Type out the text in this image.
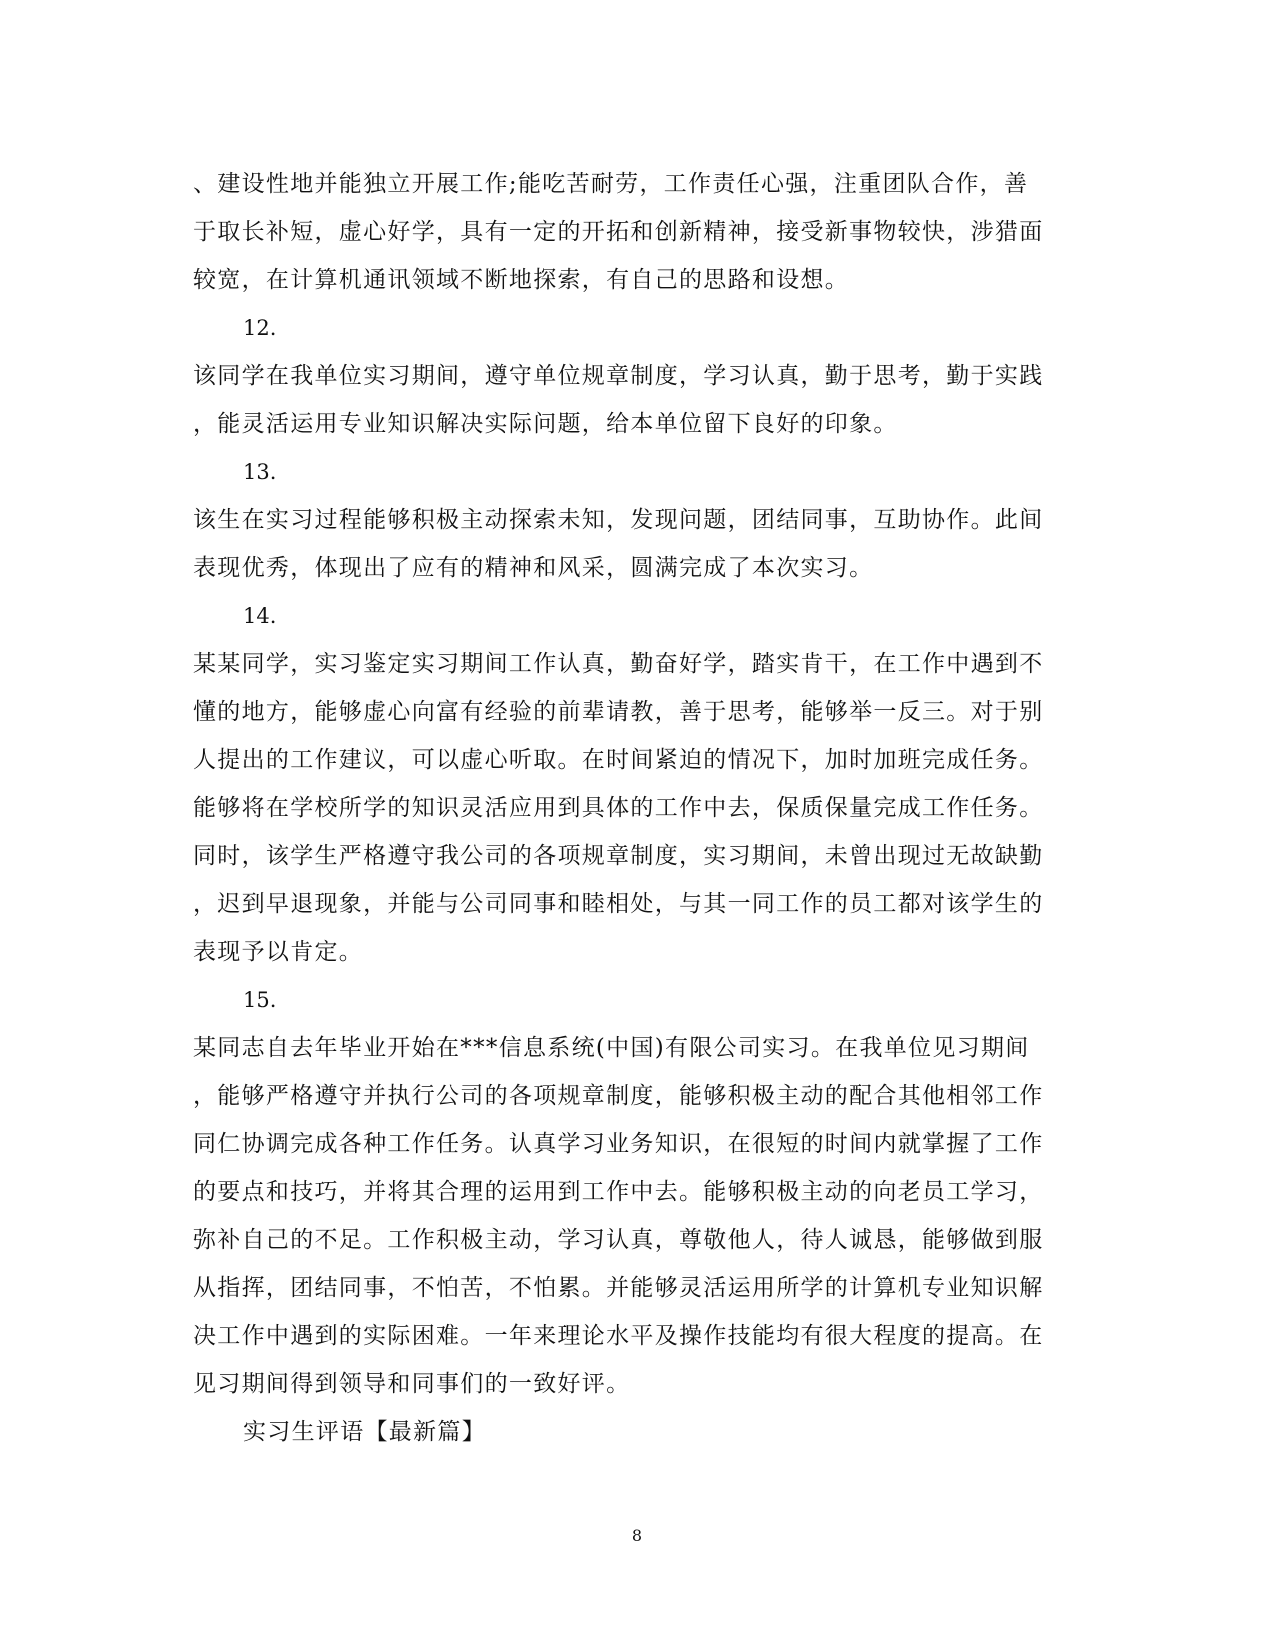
、建设性地并能独立开展工作;能吃苦耐劳，工作责任心强，注重团队合作，善
于取长补短，虚心好学，具有一定的开拓和创新精神，接受新事物较快，涉猎面
较宽，在计算机通讯领域不断地探索，有自己的思路和设想。
12.
该同学在我单位实习期间，遵守单位规章制度，学习认真，勤于思考，勤于实践
，能灵活运用专业知识解决实际问题，给本单位留下良好的印象。
13.
该生在实习过程能够积极主动探索未知，发现问题，团结同事，互助协作。此间
表现优秀，体现出了应有的精神和风采，圆满完成了本次实习。
14.
某某同学，实习鉴定实习期间工作认真，勤奋好学，踏实肯干，在工作中遇到不
懂的地方，能够虚心向富有经验的前辈请教，善于思考，能够举一反三。对于别
人提出的工作建议，可以虚心听取。在时间紧迫的情况下，加时加班完成任务。
能够将在学校所学的知识灵活应用到具体的工作中去，保质保量完成工作任务。
同时，该学生严格遵守我公司的各项规章制度，实习期间，未曾出现过无故缺勤
，迟到早退现象，并能与公司同事和睦相处，与其一同工作的员工都对该学生的
表现予以肯定。
15.
某同志自去年毕业开始在***信息系统(中国)有限公司实习。在我单位见习期间
，能够严格遵守并执行公司的各项规章制度，能够积极主动的配合其他相邻工作
同仁协调完成各种工作任务。认真学习业务知识，在很短的时间内就掌握了工作
的要点和技巧，并将其合理的运用到工作中去。能够积极主动的向老员工学习，
弥补自己的不足。工作积极主动，学习认真，尊敬他人，待人诚恳，能够做到服
从指挥，团结同事，不怕苦，不怕累。并能够灵活运用所学的计算机专业知识解
决工作中遇到的实际困难。一年来理论水平及操作技能均有很大程度的提高。在
见习期间得到领导和同事们的一致好评。
实习生评语【最新篇】
8
